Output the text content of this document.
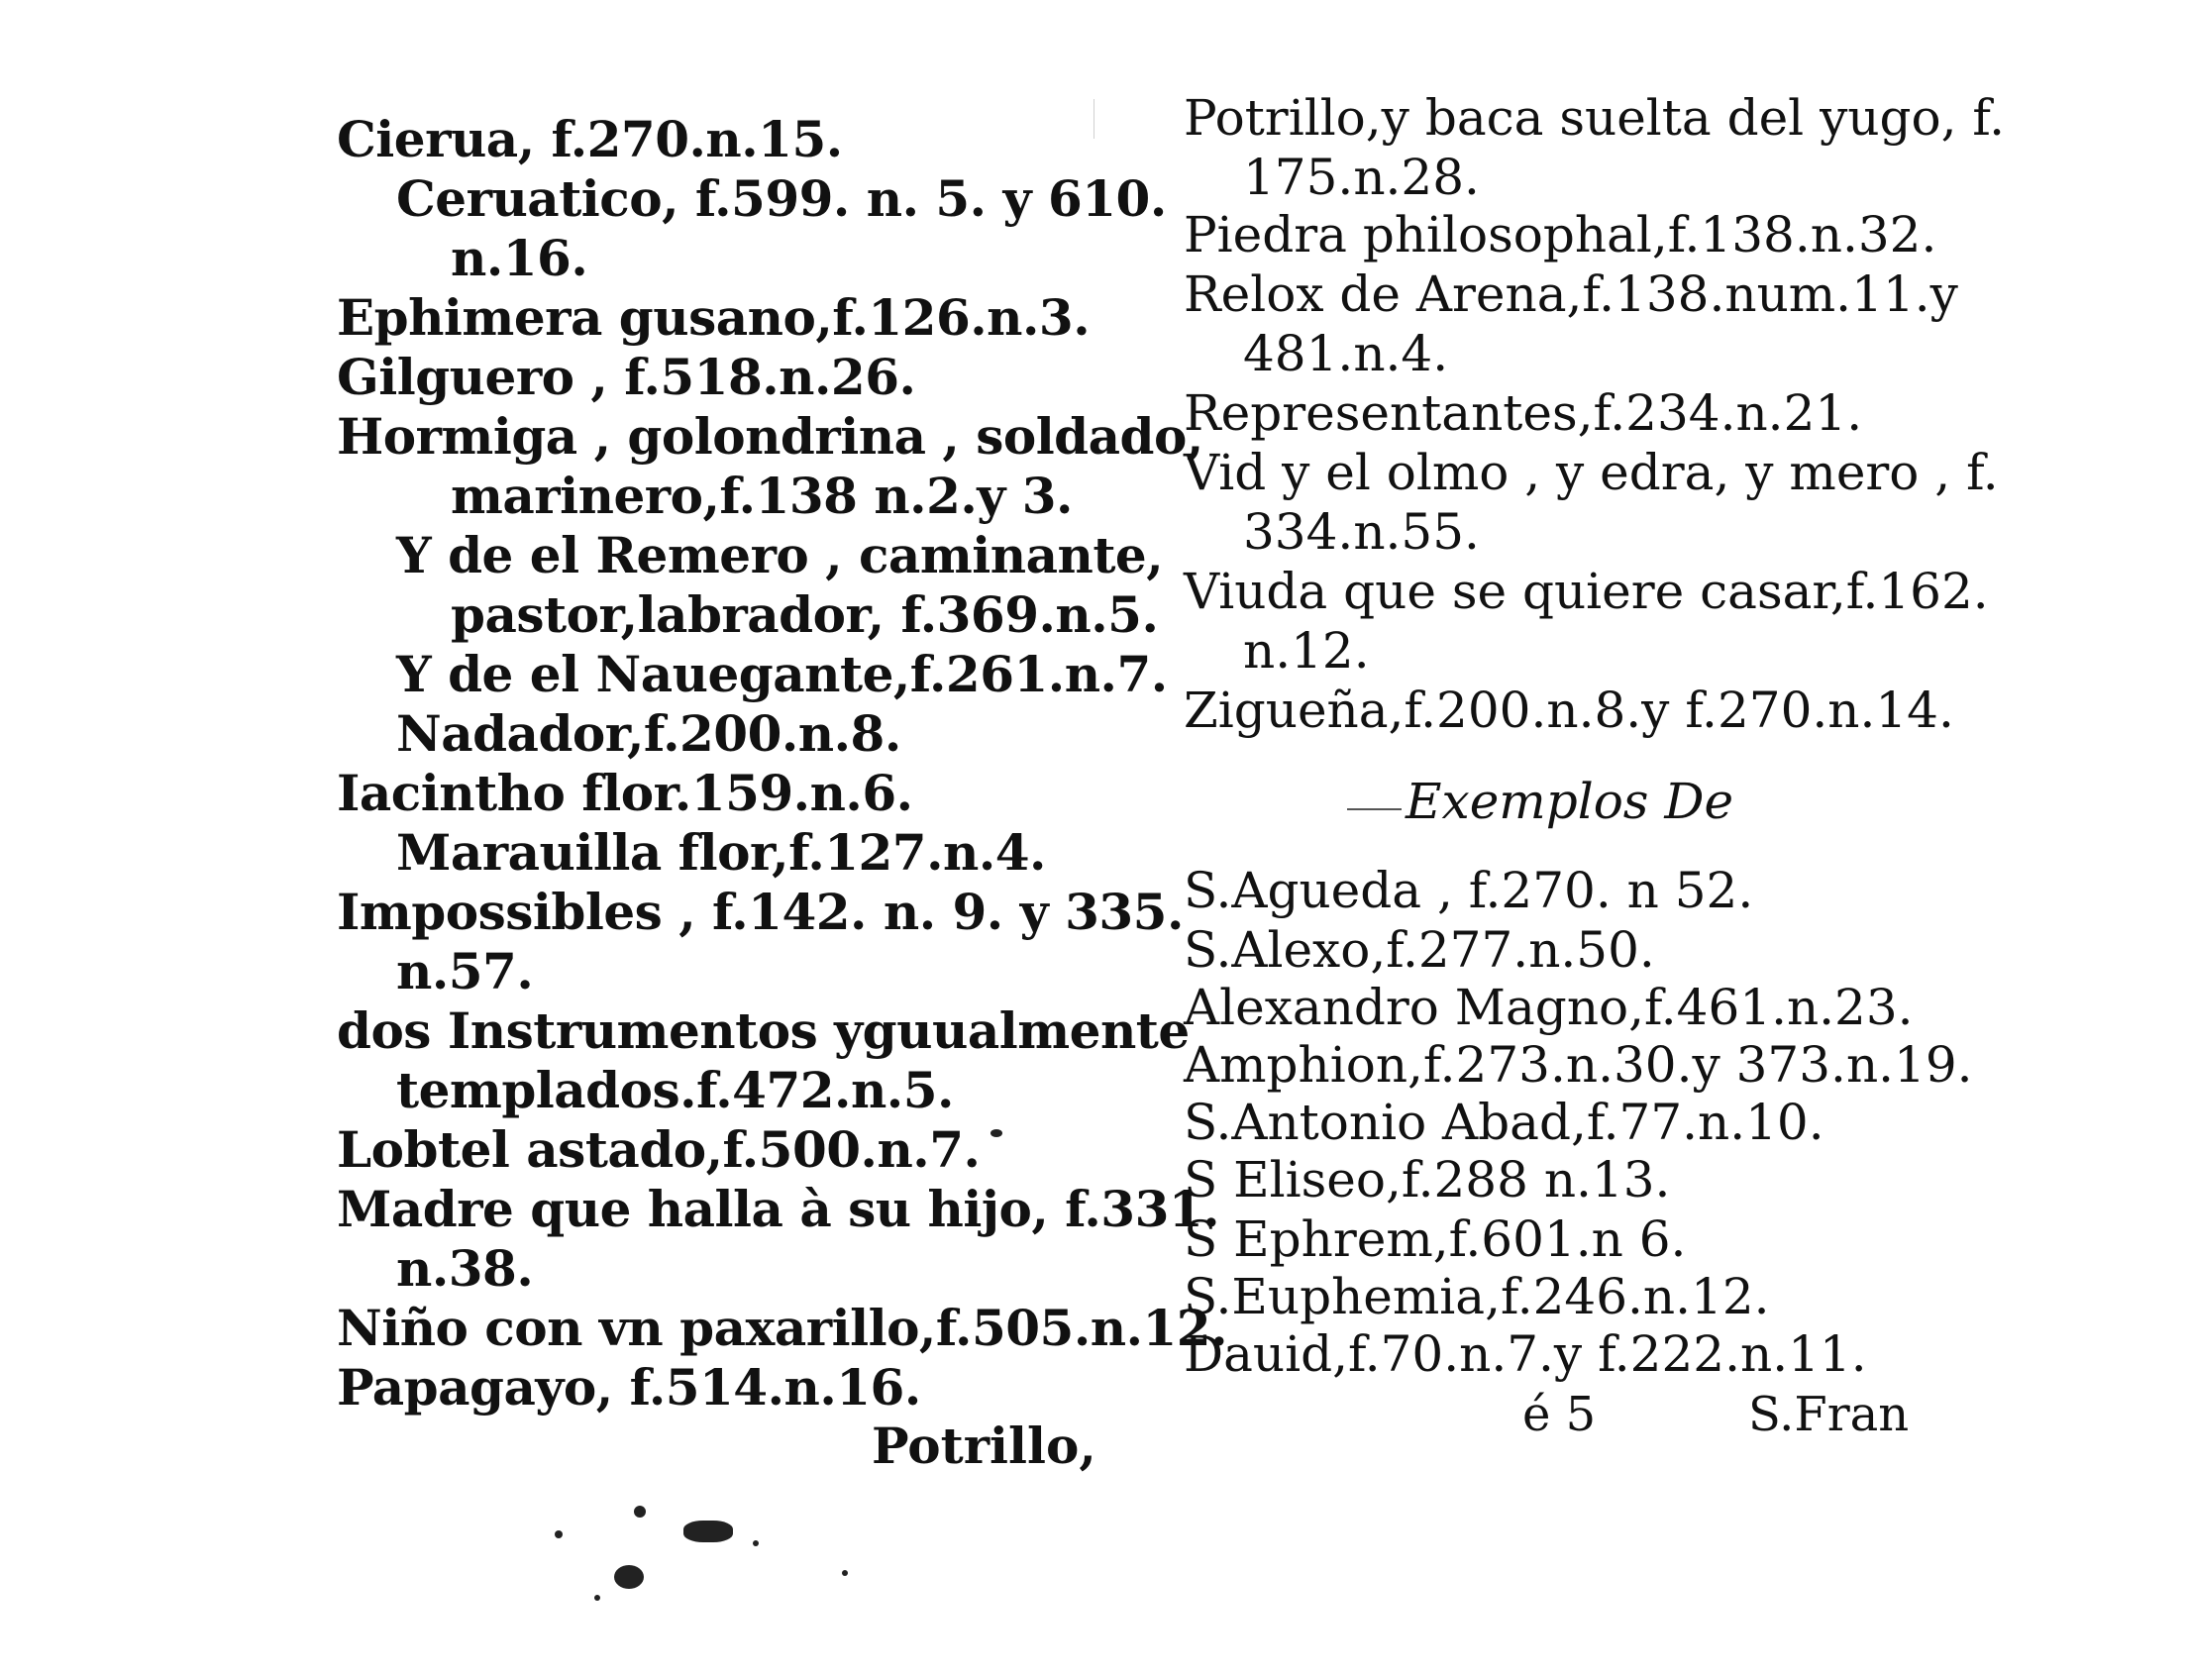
Cierua, f.270.n.15.
Ceruatico, f.599. n. 5. y 610.
n.16.
Ephimera gusano,f.126.n.3.
Gilguero , f.518.n.26.
Hormiga , golondrina , soldado,
marinero,f.138 n.2.y 3.
Y de el Remero , caminante,
pastor,labrador, f.369.n.5.
Y de el Nauegante,f.261.n.7.
Nadador,f.200.n.8.
Iacintho flor.159.n.6.
Marauilla flor,f.127.n.4.
Impossibles , f.142. n. 9. y 335.
n.57.
dos Instrumentos yguualmente
templados.f.472.n.5.
Lobtel astado,f.500.n.7.
Madre que halla à su hijo, f.331.
n.38.
Niño con vn paxarillo,f.505.n.12.
Papagayo, f.514.n.16.
Potrillo,
Potrillo,y baca suelta del yugo, f.
175.n.28.
Piedra philosophal,f.138.n.32.
Relox de Arena,f.138.num.11.y
481.n.4.
Representantes,f.234.n.21.
Vid y el olmo , y edra, y mero , f.
334.n.55.
Viuda que se quiere casar,f.162.
n.12.
Zigueña,f.200.n.8.y f.270.n.14.
Exemplos De
S.Agueda , f.270. n 52.
S.Alexo,f.277.n.50.
Alexandro Magno,f.461.n.23.
Amphion,f.273.n.30.y 373.n.19.
S.Antonio Abad,f.77.n.10.
S Eliseo,f.288 n.13.
S Ephrem,f.601.n 6.
S.Euphemia,f.246.n.12.
Dauid,f.70.n.7.y f.222.n.11.
é 5	S.Fran
